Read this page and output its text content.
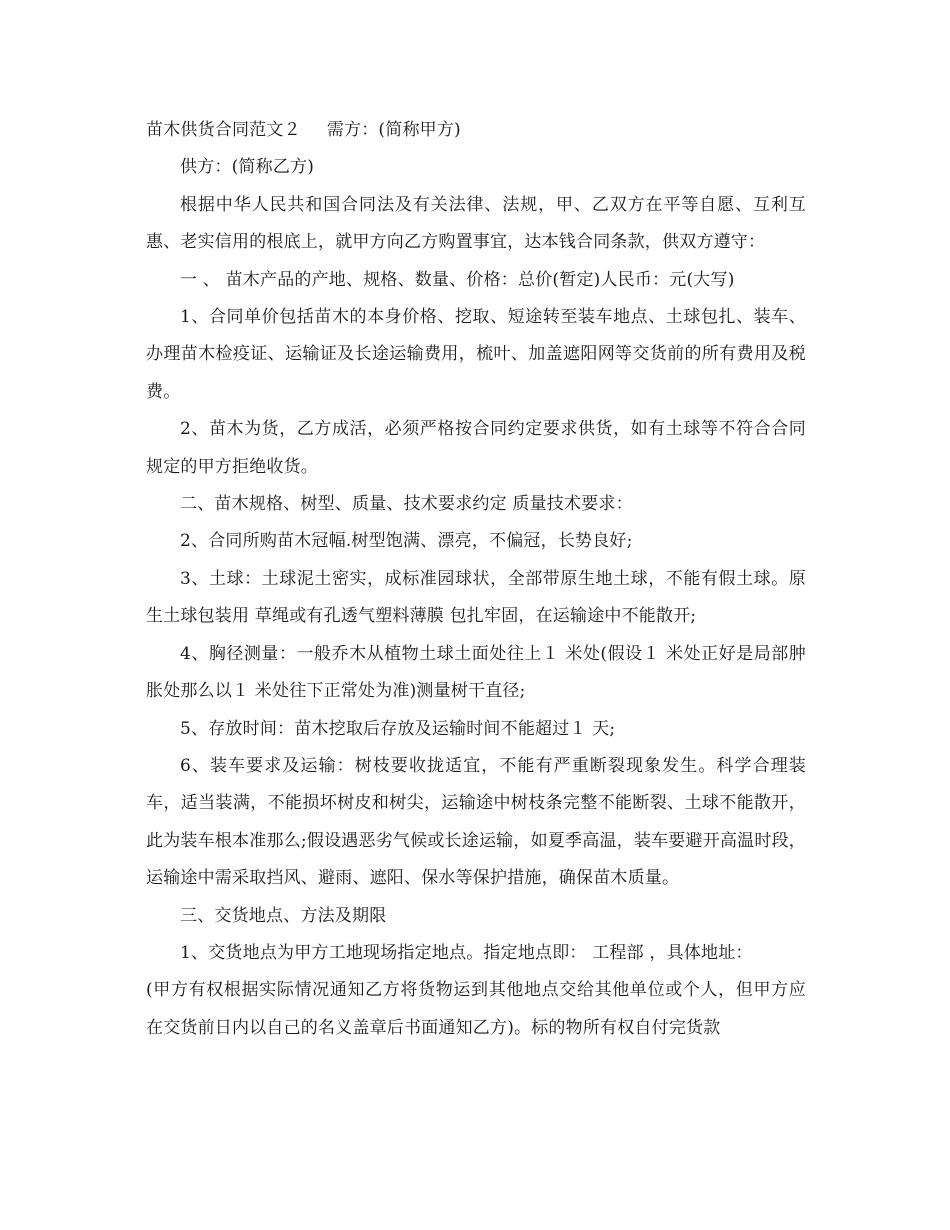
苗木供货合同范文２ 需方：(简称甲方)

供方：(简称乙方)

根据中华人民共和国合同法及有关法律、法规，甲、乙双方在平等自愿、互利互惠、老实信用的根底上，就甲方向乙方购置事宜，达本钱合同条款，供双方遵守：

一 、 苗木产品的产地、规格、数量、价格：总价(暂定)人民币：元(大写)

1、合同单价包括苗木的本身价格、挖取、短途转至装车地点、土球包扎、装车、办理苗木检疫证、运输证及长途运输费用，梳叶、加盖遮阳网等交货前的所有费用及税费。

2、苗木为货，乙方成活，必须严格按合同约定要求供货，如有土球等不符合合同规定的甲方拒绝收货。

二、苗木规格、树型、质量、技术要求约定 质量技术要求：

2、合同所购苗木冠幅.树型饱满、漂亮，不偏冠，长势良好;

3、土球：土球泥土密实，成标准园球状，全部带原生地土球，不能有假土球。原生土球包装用 草绳或有孔透气塑料薄膜 包扎牢固，在运输途中不能散开;

4、胸径测量：一般乔木从植物土球土面处往上１ 米处(假设１ 米处正好是局部肿胀处那么以１ 米处往下正常处为准)测量树干直径;

5、存放时间：苗木挖取后存放及运输时间不能超过１ 天;

6、装车要求及运输：树枝要收拢适宜，不能有严重断裂现象发生。科学合理装车，适当装满，不能损坏树皮和树尖，运输途中树枝条完整不能断裂、土球不能散开，此为装车根本准那么;假设遇恶劣气候或长途运输，如夏季高温，装车要避开高温时段，运输途中需采取挡风、避雨、遮阳、保水等保护措施，确保苗木质量。

三、交货地点、方法及期限

1、交货地点为甲方工地现场指定地点。指定地点即： 工程部 ，具体地址：

(甲方有权根据实际情况通知乙方将货物运到其他地点交给其他单位或个人，但甲方应在交货前日内以自己的名义盖章后书面通知乙方)。标的物所有权自付完货款
